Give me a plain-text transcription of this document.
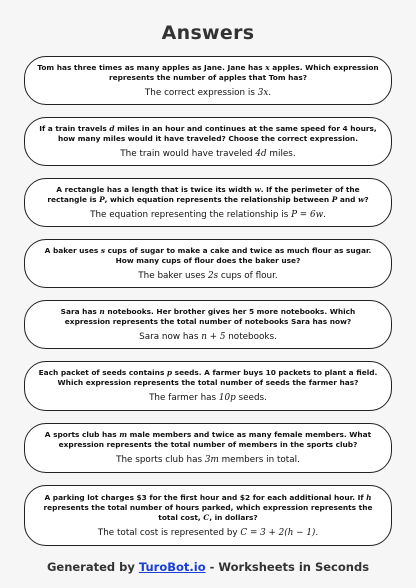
Answers
Tom has three times as many apples as Jane. Jane has x apples. Which expression represents the number of apples that Tom has?
The correct expression is 3x.
If a train travels d miles in an hour and continues at the same speed for 4 hours, how many miles would it have traveled? Choose the correct expression.
The train would have traveled 4d miles.
A rectangle has a length that is twice its width w. If the perimeter of the rectangle is P, which equation represents the relationship between P and w?
The equation representing the relationship is P = 6w.
A baker uses s cups of sugar to make a cake and twice as much flour as sugar. How many cups of flour does the baker use?
The baker uses 2s cups of flour.
Sara has n notebooks. Her brother gives her 5 more notebooks. Which expression represents the total number of notebooks Sara has now?
Sara now has n + 5 notebooks.
Each packet of seeds contains p seeds. A farmer buys 10 packets to plant a field. Which expression represents the total number of seeds the farmer has?
The farmer has 10p seeds.
A sports club has m male members and twice as many female members. What expression represents the total number of members in the sports club?
The sports club has 3m members in total.
A parking lot charges $3 for the first hour and $2 for each additional hour. If h represents the total number of hours parked, which expression represents the total cost, C, in dollars?
The total cost is represented by C = 3 + 2(h − 1).
Generated by TuroBot.io - Worksheets in Seconds
